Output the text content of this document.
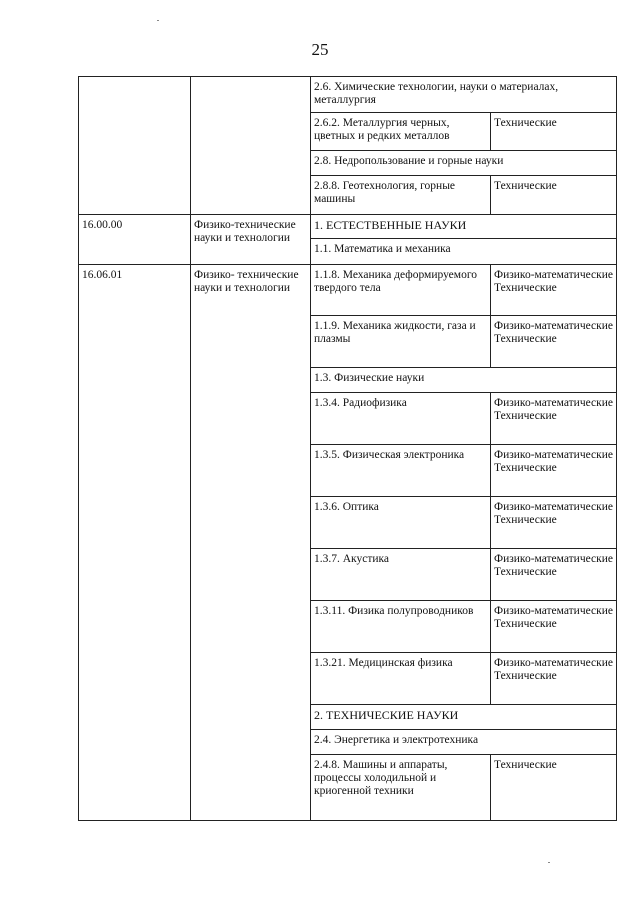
25
		2.6. Химические технологии, науки о материалах, металлургия	
		2.6.2. Металлургия черных, цветных и редких металлов	Технические
		2.8. Недропользование и горные науки	
		2.8.8. Геотехнология, горные машины	Технические
16.00.00	Физико-технические науки и технологии	1. ЕСТЕСТВЕННЫЕ НАУКИ	
		1.1. Математика и механика	
16.06.01	Физико- технические науки и технологии	1.1.8. Механика деформируемого твердого тела	Физико-математические Технические
		1.1.9. Механика жидкости, газа и плазмы	Физико-математические Технические
		1.3. Физические науки	
		1.3.4. Радиофизика	Физико-математические Технические
		1.3.5. Физическая электроника	Физико-математические Технические
		1.3.6. Оптика	Физико-математические Технические
		1.3.7. Акустика	Физико-математические Технические
		1.3.11. Физика полупроводников	Физико-математические Технические
		1.3.21. Медицинская физика	Физико-математические Технические
		2. ТЕХНИЧЕСКИЕ НАУКИ	
		2.4. Энергетика и электротехника	
		2.4.8. Машины и аппараты, процессы холодильной и криогенной техники	Технические
